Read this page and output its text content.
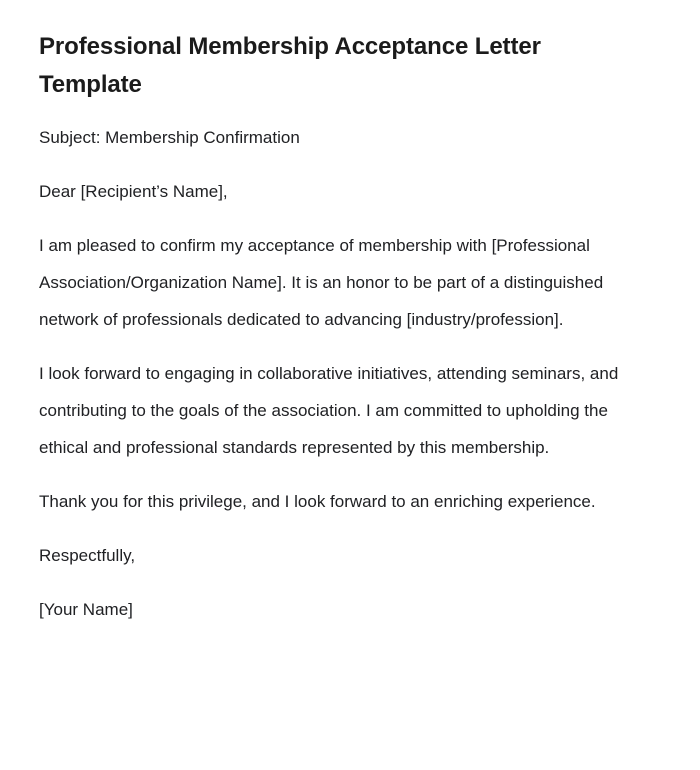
Professional Membership Acceptance Letter Template

Subject: Membership Confirmation

Dear [Recipient’s Name],

I am pleased to confirm my acceptance of membership with [Professional Association/Organization Name]. It is an honor to be part of a distinguished network of professionals dedicated to advancing [industry/profession].

I look forward to engaging in collaborative initiatives, attending seminars, and contributing to the goals of the association. I am committed to upholding the ethical and professional standards represented by this membership.

Thank you for this privilege, and I look forward to an enriching experience.

Respectfully,

[Your Name]
